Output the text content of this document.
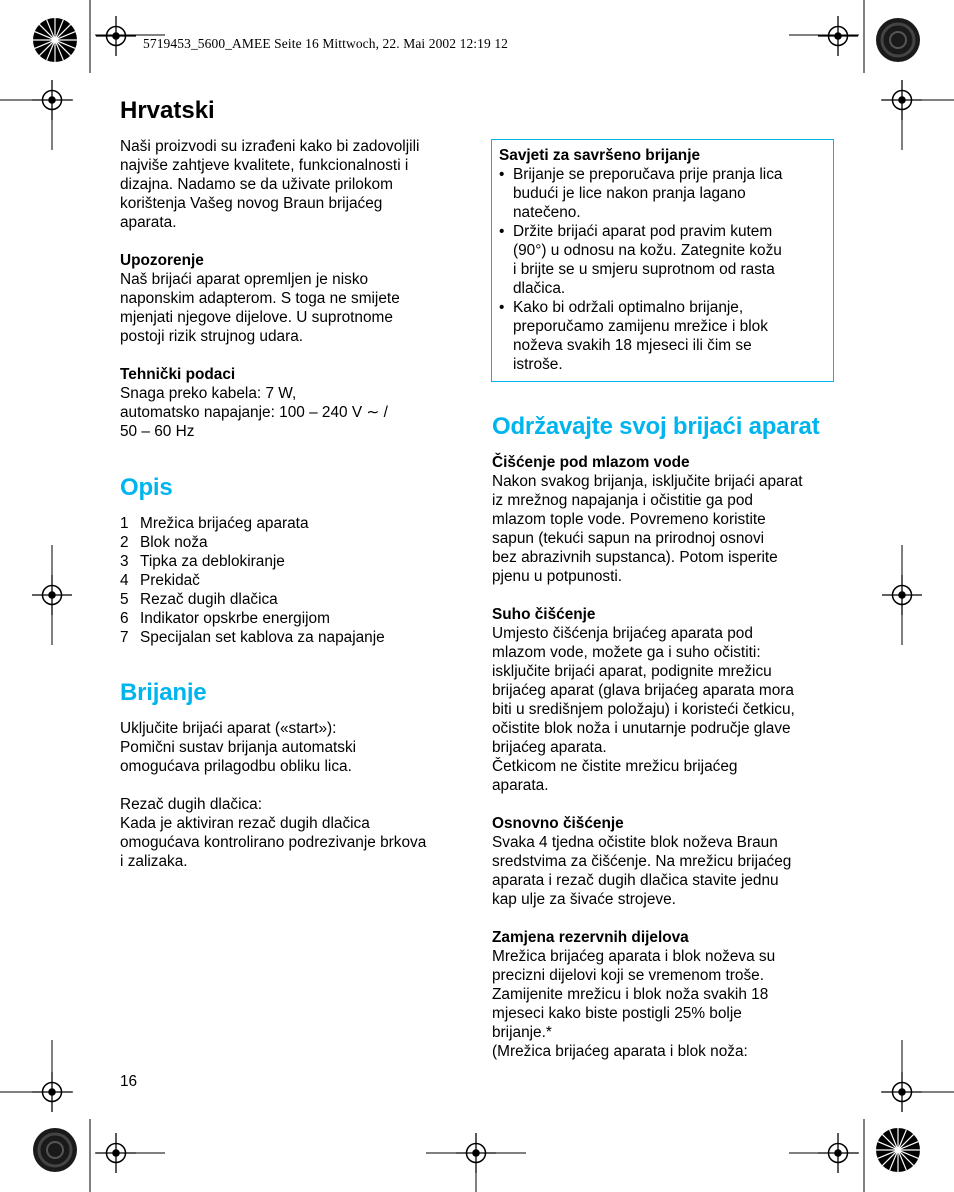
5719453_5600_AMEE Seite 16 Mittwoch, 22. Mai 2002 12:19 12
Hrvatski

Naši proizvodi su izrađeni kako bi zadovoljili
najviše zahtjeve kvalitete, funkcionalnosti i
dizajna. Nadamo se da uživate prilokom
korištenja Vašeg novog Braun brijaćeg
aparata.

Upozorenje

Naš brijaći aparat opremljen je nisko
naponskim adapterom. S toga ne smijete
mjenjati njegove dijelove. U suprotnome
postoji rizik strujnog udara.

Tehnički podaci

Snaga preko kabela: 7 W,
automatsko napajanje: 100 – 240 V ∼ /
50 – 60 Hz

Opis
1 Mrežica brijaćeg aparata
2 Blok noža
3 Tipka za deblokiranje
4 Prekidač
5 Rezač dugih dlačica
6 Indikator opskrbe energijom
7 Specijalan set kablova za napajanje
Brijanje

Uključite brijaći aparat («start»):
Pomični sustav brijanja automatski
omogućava prilagodbu obliku lica.

Rezač dugih dlačica:
Kada je aktiviran rezač dugih dlačica
omogućava kontrolirano podrezivanje brkova
i zalizaka.

Savjeti za savršeno brijanje

• Brijanje se preporučava prije pranja lica
budući je lice nakon pranja lagano
natečeno.
• Držite brijaći aparat pod pravim kutem
(90°) u odnosu na kožu. Zategnite kožu
i brijte se u smjeru suprotnom od rasta
dlačica.
• Kako bi održali optimalno brijanje,
preporučamo zamijenu mrežice i blok
noževa svakih 18 mjeseci ili čim se
istroše.
Održavajte svoj brijaći aparat

Čišćenje pod mlazom vode

Nakon svakog brijanja, isključite brijaći aparat
iz mrežnog napajanja i očistitie ga pod
mlazom tople vode. Povremeno koristite
sapun (tekući sapun na prirodnoj osnovi
bez abrazivnih supstanca). Potom isperite
pjenu u potpunosti.

Suho čišćenje

Umjesto čišćenja brijaćeg aparata pod
mlazom vode, možete ga i suho očistiti:
isključite brijaći aparat, podignite mrežicu
brijaćeg aparat (glava brijaćeg aparata mora
biti u središnjem položaju) i koristeći četkicu,
očistite blok noža i unutarnje područje glave
brijaćeg aparata.
Četkicom ne čistite mrežicu brijaćeg
aparata.

Osnovno čišćenje

Svaka 4 tjedna očistite blok noževa Braun
sredstvima za čišćenje. Na mrežicu brijaćeg
aparata i rezač dugih dlačica stavite jednu
kap ulje za šivaće strojeve.

Zamjena rezervnih dijelova

Mrežica brijaćeg aparata i blok noževa su
precizni dijelovi koji se vremenom troše.
Zamijenite mrežicu i blok noža svakih 18
mjeseci kako biste postigli 25% bolje
brijanje.*
(Mrežica brijaćeg aparata i blok noža:

16
